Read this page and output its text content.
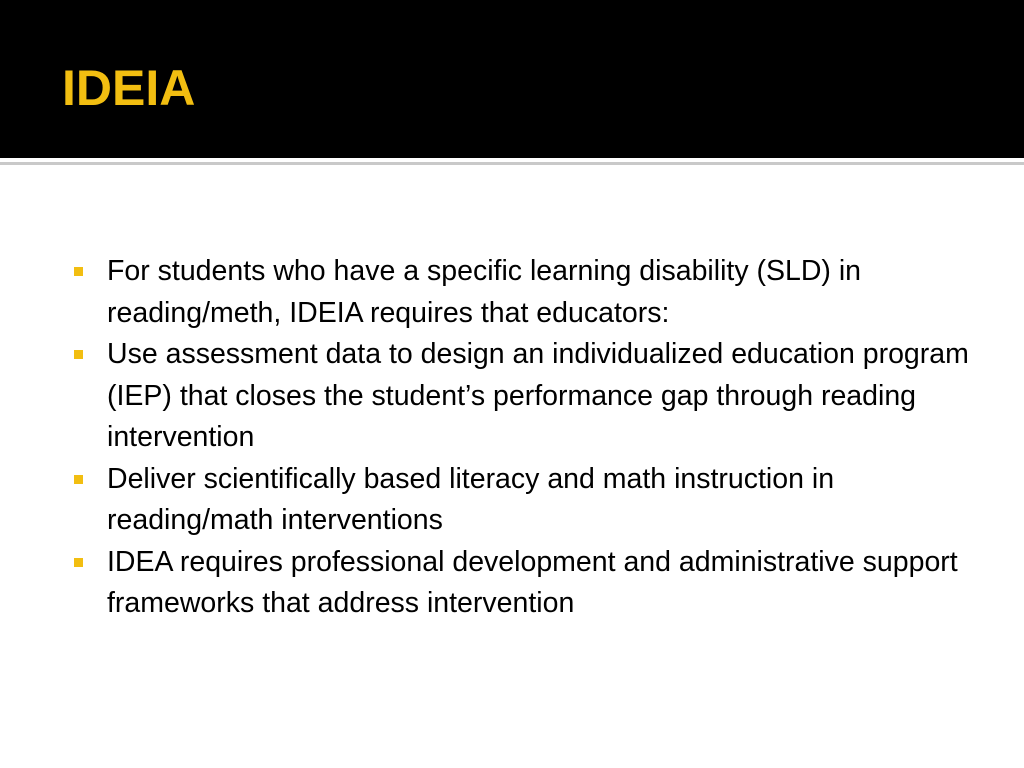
IDEIA
For students who have a specific learning disability (SLD) in reading/meth, IDEIA requires that educators:
Use assessment data to design an individualized education program (IEP) that closes the student’s performance gap through reading intervention
Deliver scientifically based literacy and math instruction in reading/math interventions
IDEA requires professional development and administrative support frameworks that address intervention
